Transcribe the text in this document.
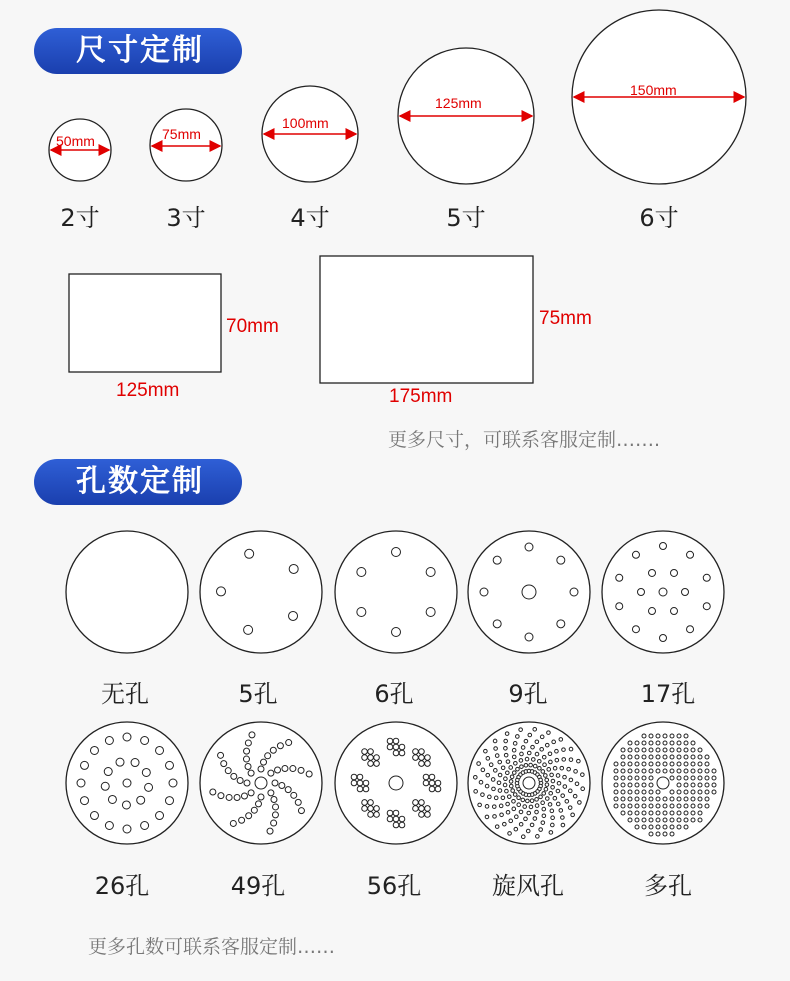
尺寸定制
50mm	75mm
100mm
125mm
150mm
2寸	3寸	4寸	5寸	6寸
70mm
125mm
75mm
175mm
更多尺寸，可联系客服定制…….
孔数定制
无孔	5孔	6孔	9孔	17孔
26孔	49孔	56孔	旋风孔	多孔
更多孔数可联系客服定制……
